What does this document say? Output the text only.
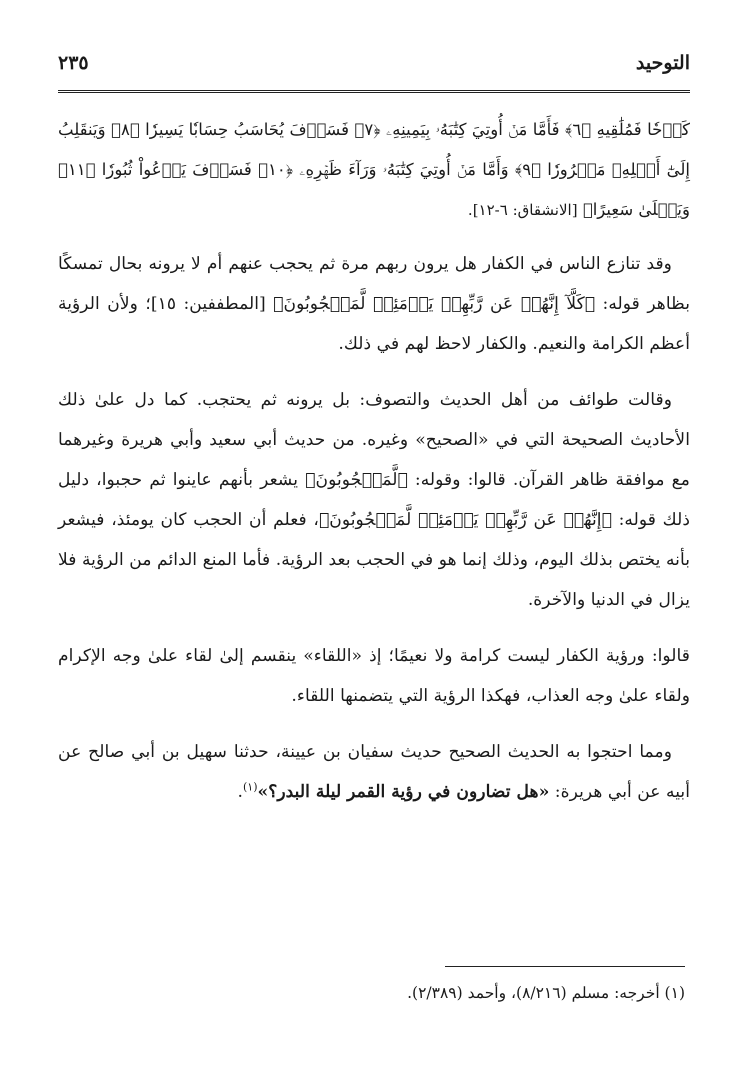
التوحيد
٢٣٥

كَدۡحٗا فَمُلَٰقِيهِ ﴿٦﴾ فَأَمَّا مَنۡ أُوتِيَ كِتَٰبَهُۥ بِيَمِينِهِۦ ﴿٧﴾ فَسَوۡفَ يُحَاسَبُ حِسَابٗا يَسِيرٗا ﴿٨﴾ وَيَنقَلِبُ إِلَىٰٓ أَهۡلِهِۦ مَسۡرُورٗا ﴿٩﴾ وَأَمَّا مَنۡ أُوتِيَ كِتَٰبَهُۥ وَرَآءَ ظَهۡرِهِۦ ﴿١٠﴾ فَسَوۡفَ يَدۡعُواْ ثُبُورٗا ﴿١١﴾ وَيَصۡلَىٰ سَعِيرًا﴾ [الانشقاق: ٦-١٢].

وقد تنازع الناس في الكفار هل يرون ربهم مرة ثم يحجب عنهم أم لا يرونه بحال تمسكًا بظاهر قوله: ﴿كَلَّآ إِنَّهُمۡ عَن رَّبِّهِمۡ يَوۡمَئِذٖ لَّمَحۡجُوبُونَ﴾ [المطففين: ١٥]؛ ولأن الرؤية أعظم الكرامة والنعيم. والكفار لاحظ لهم في ذلك.

وقالت طوائف من أهل الحديث والتصوف: بل يرونه ثم يحتجب. كما دل علىٰ ذلك الأحاديث الصحيحة التي في «الصحيح» وغيره. من حديث أبي سعيد وأبي هريرة وغيرهما مع موافقة ظاهر القرآن. قالوا: وقوله: ﴿لَّمَحۡجُوبُونَ﴾ يشعر بأنهم عاينوا ثم حجبوا، دليل ذلك قوله: ﴿إِنَّهُمۡ عَن رَّبِّهِمۡ يَوۡمَئِذٖ لَّمَحۡجُوبُونَ﴾، فعلم أن الحجب كان يومئذ، فيشعر بأنه يختص بذلك اليوم، وذلك إنما هو في الحجب بعد الرؤية. فأما المنع الدائم من الرؤية فلا يزال في الدنيا والآخرة.

قالوا: ورؤية الكفار ليست كرامة ولا نعيمًا؛ إذ «اللقاء» ينقسم إلىٰ لقاء علىٰ وجه الإكرام ولقاء علىٰ وجه العذاب، فهكذا الرؤية التي يتضمنها اللقاء.

ومما احتجوا به الحديث الصحيح حديث سفيان بن عيينة، حدثنا سهيل بن أبي صالح عن أبيه عن أبي هريرة: «هل تضارون في رؤية القمر ليلة البدر؟»$^{(١)}$.

(١) أخرجه: مسلم (٨/٢١٦)، وأحمد (٢/٣٨٩).
